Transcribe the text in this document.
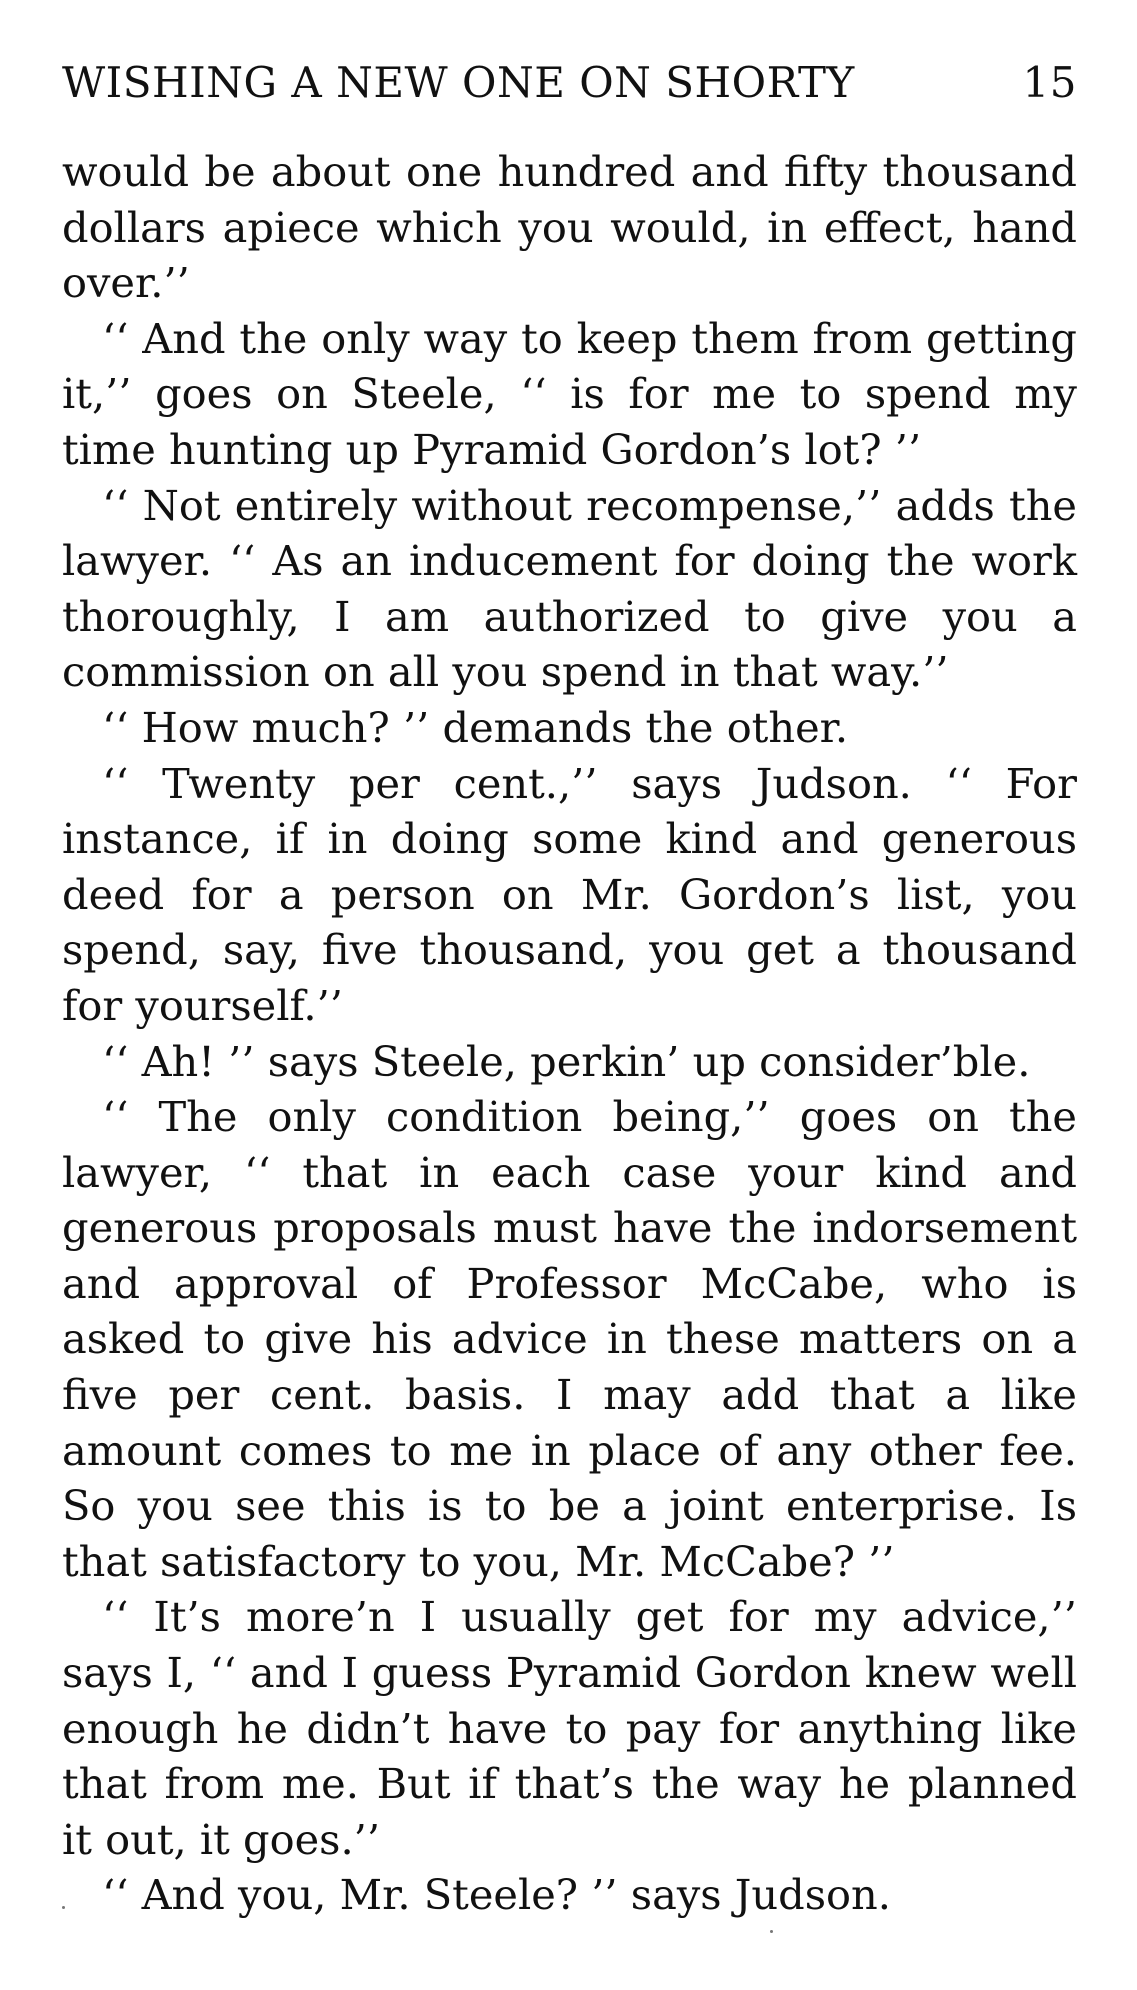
WISHING A NEW ONE ON SHORTY	15

would be about one hundred and fifty thousand dollars apiece which you would, in effect, hand over.’’

‘‘ And the only way to keep them from getting it,’’ goes on Steele, ‘‘ is for me to spend my time hunting up Pyramid Gordon’s lot? ’’

‘‘ Not entirely without recompense,’’ adds the lawyer. ‘‘ As an inducement for doing the work thoroughly, I am authorized to give you a commission on all you spend in that way.’’

‘‘ How much? ’’ demands the other.

‘‘ Twenty per cent.,’’ says Judson. ‘‘ For instance, if in doing some kind and generous deed for a person on Mr. Gordon’s list, you spend, say, five thousand, you get a thousand for yourself.’’

‘‘ Ah! ’’ says Steele, perkin’ up consider’ble.

‘‘ The only condition being,’’ goes on the lawyer, ‘‘ that in each case your kind and generous proposals must have the indorsement and approval of Professor McCabe, who is asked to give his advice in these matters on a five per cent. basis. I may add that a like amount comes to me in place of any other fee. So you see this is to be a joint enterprise. Is that satisfactory to you, Mr. McCabe? ’’

‘‘ It’s more’n I usually get for my advice,’’ says I, ‘‘ and I guess Pyramid Gordon knew well enough he didn’t have to pay for anything like that from me. But if that’s the way he planned it out, it goes.’’

‘‘ And you, Mr. Steele? ’’ says Judson.
